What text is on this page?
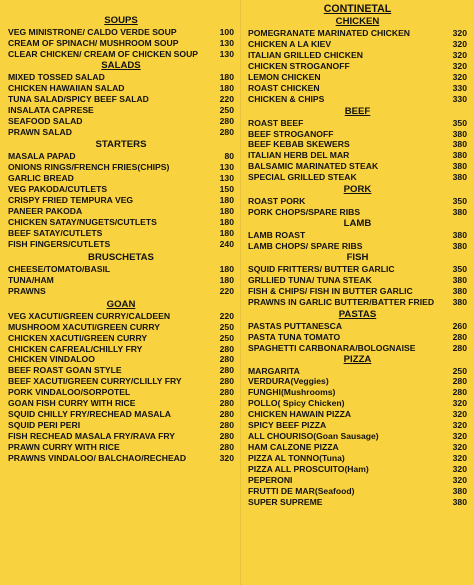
SOUPS
VEG MINISTRONE/ CALDO VERDE SOUP	100
CREAM OF SPINACH/ MUSHROOM SOUP	130
CLEAR CHICKEN/ CREAM OF CHICKEN SOUP	130
SALADS
MIXED TOSSED SALAD	180
CHICKEN HAWAIIAN SALAD	180
TUNA SALAD/SPICY BEEF SALAD	220
INSALATA CAPRESE	250
SEAFOOD SALAD	280
PRAWN SALAD	280
STARTERS
MASALA PAPAD	80
ONIONS RINGS/FRENCH FRIES(CHIPS)	130
GARLIC BREAD	130
VEG PAKODA/CUTLETS	150
CRISPY FRIED TEMPURA VEG	180
PANEER PAKODA	180
CHICKEN SATAY/NUGETS/CUTLETS	180
BEEF SATAY/CUTLETS	180
FISH FINGERS/CUTLETS	240
BRUSCHETAS
CHEESE/TOMATO/BASIL	180
TUNA/HAM	180
PRAWNS	220
GOAN
VEG XACUTI/GREEN CURRY/CALDEEN	220
MUSHROOM XACUTI/GREEN CURRY	250
CHICKEN XACUTI/GREEN CURRY	250
CHICKEN CAFREAL/CHILLY FRY	280
CHICKEN VINDALOO	280
BEEF ROAST GOAN STYLE	280
BEEF XACUTI/GREEN CURRY/CLILLY FRY	280
PORK VINDALOO/SORPOTEL	280
GOAN FISH CURRY WITH RICE	280
SQUID CHILLY FRY/RECHEAD MASALA	280
SQUID PERI PERI	280
FISH RECHEAD MASALA FRY/RAVA FRY	280
PRAWN CURRY WITH RICE	280
PRAWNS VINDALOO/ BALCHAO/RECHEAD	320
CONTINETAL
CHICKEN
POMEGRANATE MARINATED CHICKEN	320
CHICKEN A LA KIEV	320
ITALIAN GRILLED CHICKEN	320
CHICKEN STROGANOFF	320
LEMON CHICKEN	320
ROAST CHICKEN	330
CHICKEN & CHIPS	330
BEEF
ROAST BEEF	350
BEEF STROGANOFF	380
BEEF KEBAB SKEWERS	380
ITALIAN HERB DEL MAR	380
BALSAMIC MARINATED STEAK	380
SPECIAL GRILLED STEAK	380
PORK
ROAST PORK	350
PORK CHOPS/SPARE RIBS	380
LAMB
LAMB ROAST	380
LAMB CHOPS/ SPARE RIBS	380
FISH
SQUID FRITTERS/ BUTTER GARLIC	350
GRLLIED TUNA/ TUNA STEAK	380
FISH & CHIPS/ FISH IN BUTTER GARLIC	380
PRAWNS IN GARLIC BUTTER/BATTER FRIED 380
PASTAS
PASTAS PUTTANESCA	260
PASTA TUNA TOMATO	280
SPAGHETTI CARBONARA/BOLOGNAISE	280
PIZZA
MARGARITA	250
VERDURA(Veggies)	280
FUNGHI(Mushrooms)	280
POLLO( Spicy Chicken)	320
CHICKEN HAWAIN PIZZA	320
SPICY BEEF PIZZA	320
ALL CHOURISO(Goan Sausage)	320
HAM CALZONE PIZZA	320
PIZZA AL TONNO(Tuna)	320
PIZZA ALL PROSCUITO(Ham)	320
PEPERONI	320
FRUTTI DE MAR(Seafood)	380
SUPER SUPREME	380
